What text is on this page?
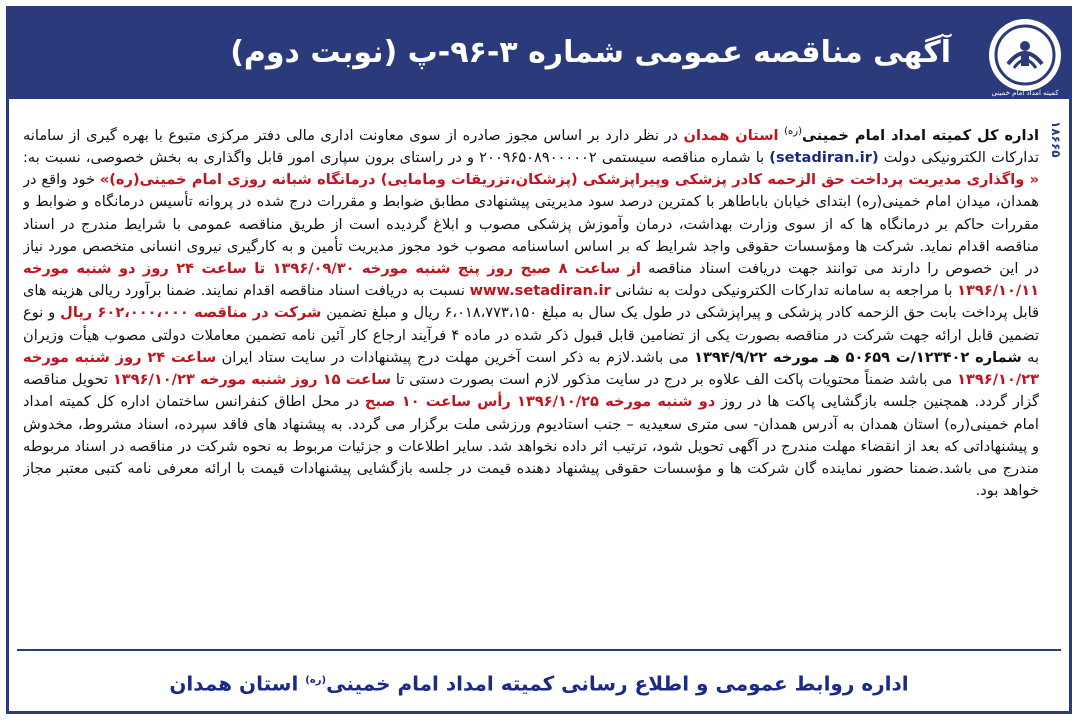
کمیته امداد امام خمینی
آگهی مناقصه عمومی شماره ۳-۹۶-پ (نوبت دوم)
۱۸۶۶۵

اداره کل کمیته امداد امام خمینی$^{(ره)}$ استان همدان در نظر دارد بر اساس مجوز صادره از سوی معاونت اداری مالی دفتر مرکزی متبوع با بهره گیری از سامانه تدارکات الکترونیکی دولت (setadiran.ir) با شماره مناقصه سیستمی ۲۰۰۹۶۵۰۸۹۰۰۰۰۰۲ و در راستای برون سپاری امور قابل واگذاری به بخش خصوصی، نسبت به: « واگذاری مدیریت پرداخت حق الزحمه کادر پزشکی وپیراپزشکی (پزشکان،تزریقات ومامایی) درمانگاه شبانه روزی امام خمینی(ره)» خود واقع در همدان، میدان امام خمینی(ره) ابتدای خیابان باباطاهر با کمترین درصد سود مدیریتی پیشنهادی مطابق ضوابط و مقررات درج شده در پروانه تأسیس درمانگاه و ضوابط و مقررات حاکم بر درمانگاه ها که از سوی وزارت بهداشت، درمان وآموزش پزشکی مصوب و ابلاغ گردیده است از طریق مناقصه عمومی با شرایط مندرج در اسناد مناقصه اقدام نماید. شرکت ها ومؤسسات حقوقی واجد شرایط که بر اساس اساسنامه مصوب خود مجوز مدیریت تأمین و به کارگیری نیروی انسانی متخصص مورد نیاز در این خصوص را دارند می توانند جهت دریافت اسناد مناقصه از ساعت ۸ صبح روز پنج شنبه مورخه ۱۳۹۶/۰۹/۳۰ تا ساعت ۲۴ روز دو شنبه مورخه ۱۳۹۶/۱۰/۱۱ با مراجعه به سامانه تدارکات الکترونیکی دولت به نشانی www.setadiran.ir نسبت به دریافت اسناد مناقصه اقدام نمایند. ضمنا برآورد ریالی هزینه های قابل پرداخت بابت حق الزحمه کادر پزشکی و پیراپزشکی در طول یک سال به مبلغ ۶،۰۱۸،۷۷۳،۱۵۰ ریال و مبلغ تضمین شرکت در مناقصه ۶۰۲،۰۰۰،۰۰۰ ریال و نوع تضمین قابل ارائه جهت شرکت در مناقصه بصورت یکی از تضامین قابل قبول ذکر شده در ماده ۴ فرآیند ارجاع کار آئین نامه تضمین معاملات دولتی مصوب هیأت وزیران به شماره ۱۲۳۴۰۲/ت ۵۰۶۵۹ هـ مورخه ۱۳۹۴/۹/۲۲ می باشد.لازم به ذکر است آخرین مهلت درج پیشنهادات در سایت ستاد ایران ساعت ۲۴ روز شنبه مورخه ۱۳۹۶/۱۰/۲۳ می باشد ضمناً محتویات پاکت الف علاوه بر درج در سایت مذکور لازم است بصورت دستی تا ساعت ۱۵ روز شنبه مورخه ۱۳۹۶/۱۰/۲۳ تحویل مناقصه گزار گردد. همچنین جلسه بازگشایی پاکت ها در روز دو شنبه مورخه ۱۳۹۶/۱۰/۲۵ رأس ساعت ۱۰ صبح در محل اطاق کنفرانس ساختمان اداره کل کمیته امداد امام خمینی(ره) استان همدان به آدرس همدان- سی متری سعیدیه – جنب استادیوم ورزشی ملت برگزار می گردد. به پیشنهاد های فاقد سپرده، اسناد مشروط، مخدوش و پیشنهاداتی که بعد از انقضاء مهلت مندرج در آگهی تحویل شود، ترتیب اثر داده نخواهد شد. سایر اطلاعات و جزئیات مربوط به نحوه شرکت در مناقصه در اسناد مربوطه مندرج می باشد.ضمنا حضور نماینده گان شرکت ها و مؤسسات حقوقی پیشنهاد دهنده قیمت در جلسه بازگشایی پیشنهادات قیمت با ارائه معرفی نامه کتبی معتبر مجاز خواهد بود.

اداره روابط عمومی و اطلاع رسانی کمیته امداد امام خمینی$^{(ره)}$ استان همدان
